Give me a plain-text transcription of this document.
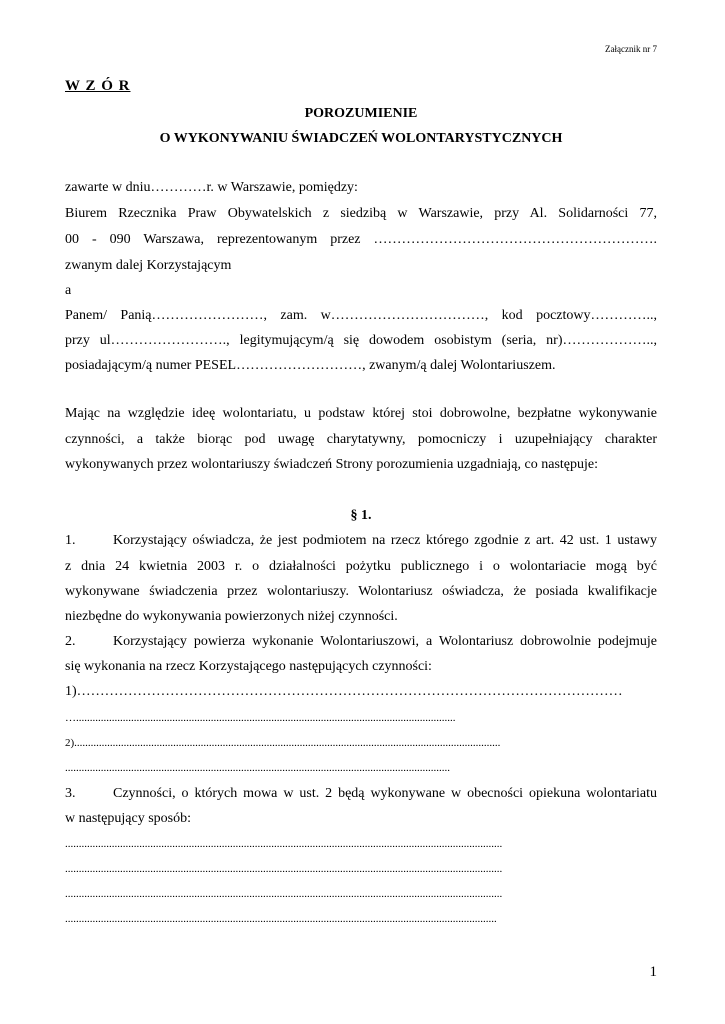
Załącznik nr 7
W Z Ó R
POROZUMIENIE
O WYKONYWANIU ŚWIADCZEŃ WOLONTARYSTYCZNYCH
zawarte w dniu…………r. w Warszawie, pomiędzy:
Biurem Rzecznika Praw Obywatelskich z siedzibą w Warszawie, przy Al. Solidarności 77,
00 - 090 Warszawa, reprezentowanym przez …………………………………………………….
zwanym dalej Korzystającym
a
Panem/ Panią……………………, zam. w……………………………, kod pocztowy…………..,
przy ul……………………., legitymującym/ą się dowodem osobistym (seria, nr)………………..,
posiadającym/ą numer PESEL………………………, zwanym/ą dalej Wolontariuszem.
Mając na względzie ideę wolontariatu, u podstaw której stoi dobrowolne, bezpłatne wykonywanie
czynności, a także biorąc pod uwagę charytatywny, pomocniczy i uzupełniający charakter
wykonywanych przez wolontariuszy świadczeń Strony porozumienia uzgadniają, co następuje:
§ 1.
1.	Korzystający oświadcza, że jest podmiotem na rzecz którego zgodnie z art. 42 ust. 1 ustawy
z dnia 24 kwietnia 2003 r. o działalności pożytku publicznego i o wolontariacie mogą być
wykonywane świadczenia przez wolontariuszy. Wolontariusz oświadcza, że posiada kwalifikacje
niezbędne do wykonywania powierzonych niżej czynności.
2.	Korzystający powierza wykonanie Wolontariuszowi, a Wolontariusz dobrowolnie podejmuje
się wykonania na rzecz Korzystającego następujących czynności:
1)………………………………………………………………………………………………………
…..........................................................................................................................................
2)...........................................................................................................................................................
............................................................................................................................................
3.	Czynności, o których mowa w ust. 2 będą wykonywane w obecności opiekuna wolontariatu
w następujący sposób:
...............................................................................................................................................................
...............................................................................................................................................................
...............................................................................................................................................................
.............................................................................................................................................................
1
